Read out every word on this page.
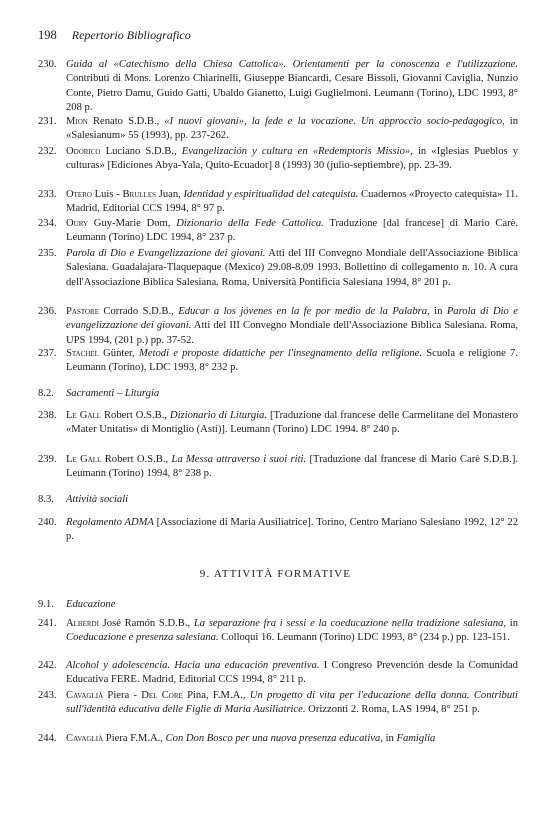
198 Repertorio Bibliografico
230. Guida al «Catechismo della Chiesa Cattolica». Orientamenti per la conoscenza e l'utilizzazione. Contributi di Mons. Lorenzo Chiarinelli, Giuseppe Biancardi, Cesare Bissoli, Giovanni Caviglia, Nunzio Conte, Pietro Damu, Guido Gatti, Ubaldo Gianetto, Luigi Guglielmoni. Leumann (Torino), LDC 1993, 8° 208 p.
231. Mion Renato S.D.B., «I nuovi giovani», la fede e la vocazione. Un approccio socio-pedagogico, in «Salesianum» 55 (1993), pp. 237-262.
232. Odorico Luciano S.D.B., Evangelización y cultura en «Redemptoris Missio», in «Iglesias Pueblos y culturas» [Ediciones Abya-Yala, Quito-Ecuador] 8 (1993) 30 (julio-septiembre), pp. 23-39.
233. Otero Luis - Brulles Juan, Identidad y espiritualidad del catequista. Cuadernos «Proyecto catequista» 11. Madrid, Editorial CCS 1994, 8° 97 p.
234. Oury Guy-Marie Dom, Dizionario della Fede Cattolica. Traduzione [dal francese] di Mario Carè. Leumann (Torino) LDC 1994, 8° 237 p.
235. Parola di Dio e Evangelizzazione dei giovani. Atti del III Convegno Mondiale dell'Associazione Biblica Salesiana. Guadalajara-Tlaquepaque (Mexico) 29.08-8.09 1993. Bollettino di collegamento n. 10. A cura dell'Associazione Biblica Salesiana. Roma, Università Pontificia Salesiana 1994, 8° 201 p.
236. Pastore Corrado S.D.B., Educar a los jóvenes en la fe por medio de la Palabra, in Parola di Dio e evangelizzazione dei giovani. Atti del III Convegno Mondiale dell'Associazione Biblica Salesiana. Roma, UPS 1994, (201 p.) pp. 37-52.
237. Stachel Günter, Metodi e proposte didattiche per l'insegnamento della religione. Scuola e religione 7. Leumann (Torino), LDC 1993, 8° 232 p.
8.2. Sacramenti – Liturgia
238. Le Gall Robert O.S.B., Dizionario di Liturgia. [Traduzione dal francese delle Carmelitane del Monastero «Mater Unitatis» di Montiglio (Asti)]. Leumann (Torino) LDC 1994. 8° 240 p.
239. Le Gall Robert O.S.B., La Messa attraverso i suoi riti. [Traduzione dal francese di Mario Carè S.D.B.]. Leumann (Torino) 1994, 8° 238 p.
8.3. Attività sociali
240. Regolamento ADMA [Associazione di Maria Ausiliatrice]. Torino, Centro Mariano Salesiano 1992, 12° 22 p.
9. ATTIVITÀ FORMATIVE
9.1. Educazione
241. Alberdi José Ramón S.D.B., La separazione fra i sessi e la coeducazione nella tradizione salesiana, in Coeducazione e presenza salesiana. Colloqui 16. Leumann (Torino) LDC 1993, 8° (234 p.) pp. 123-151.
242. Alcohol y adolescencia. Hacia una educación preventiva. I Congreso Prevención desde la Comunidad Educativa FERE. Madrid, Editorial CCS 1994, 8° 211 p.
243. Cavaglià Piera - Del Core Pina, F.M.A., Un progetto di vita per l'educazione della donna. Contributi sull'identità educativa delle Figlie di Maria Ausiliatrice. Orizzonti 2. Roma, LAS 1994, 8° 251 p.
244. Cavaglià Piera F.M.A., Con Don Bosco per una nuova presenza educativa, in Famiglia
